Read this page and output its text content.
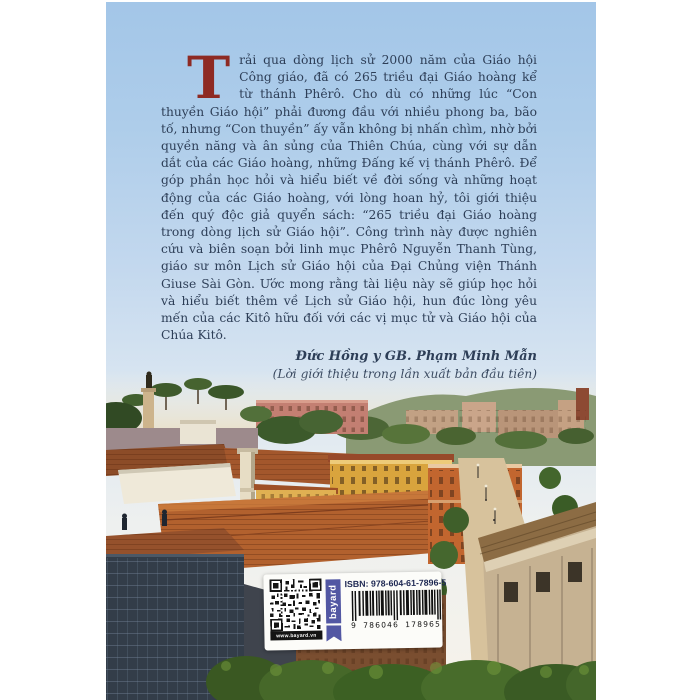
Trải qua dòng lịch sử 2000 năm của Giáo hội Công giáo, đã có 265 triều đại Giáo hoàng kể từ thánh Phêrô. Cho dù có những lúc “Con thuyền Giáo hội” phải đương đầu với nhiều phong ba, bão tố, nhưng “Con thuyền” ấy vẫn không bị nhấn chìm, nhờ bởi quyền năng và ân sủng của Thiên Chúa, cùng với sự dẫn dắt của các Giáo hoàng, những Đấng kế vị thánh Phêrô. Để góp phần học hỏi và hiểu biết về đời sống và những hoạt động của các Giáo hoàng, với lòng hoan hỷ, tôi giới thiệu đến quý độc giả quyển sách: “265 triều đại Giáo hoàng trong dòng lịch sử Giáo hội”. Công trình này được nghiên cứu và biên soạn bởi linh mục Phêrô Nguyễn Thanh Tùng, giáo sư môn Lịch sử Giáo hội của Đại Chủng viện Thánh Giuse Sài Gòn. Ước mong rằng tài liệu này sẽ giúp học hỏi và hiểu biết thêm về Lịch sử Giáo hội, hun đúc lòng yêu mến của các Kitô hữu đối với các vị mục tử và Giáo hội của Chúa Kitô.

Đức Hồng y GB. Phạm Minh Mẫn
www.bayard.vn
bayard
ISBN: 978-604-61-7896-5
9 786046 178965
